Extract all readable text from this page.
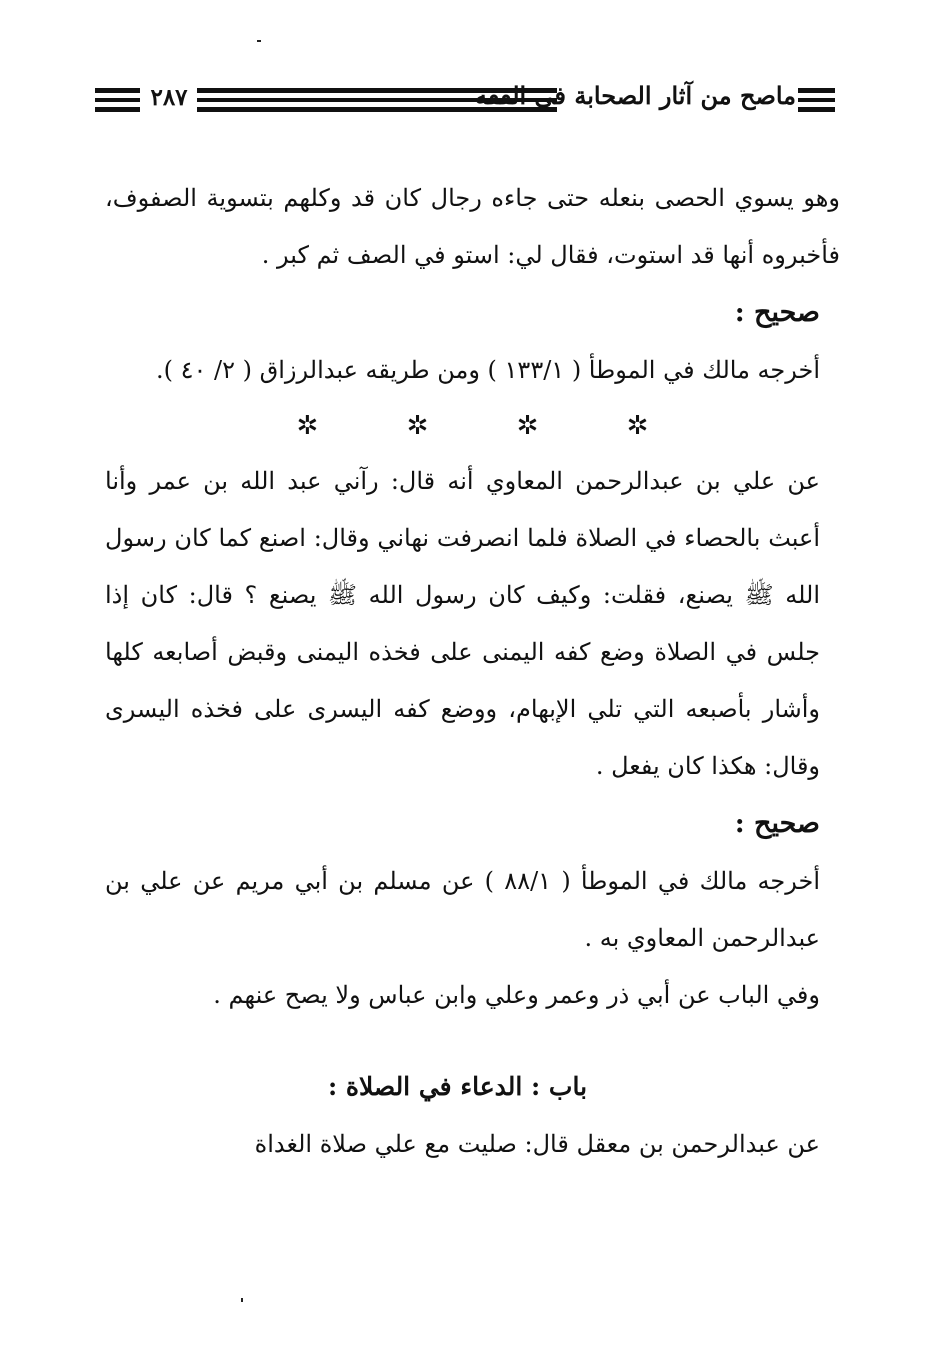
٢٨٧	ماصح من آثار الصحابة في الفقه

وهو يسوي الحصى بنعله حتى جاءه رجال كان قد وكلهم بتسوية الصفوف، فأخبروه أنها قد استوت، فقال لي: استو في الصف ثم كبر .

صحيح :

أخرجه مالك في الموطأ ( ١٣٣/١ ) ومن طريقه عبدالرزاق ( ٢/ ٤٠ ).

✲ ✲ ✲ ✲

عن علي بن عبدالرحمن المعاوي أنه قال: رآني عبد الله بن عمر وأنا أعبث بالحصاء في الصلاة فلما انصرفت نهاني وقال: اصنع كما كان رسول الله ﷺ يصنع، فقلت: وكيف كان رسول الله ﷺ يصنع ؟ قال: كان إذا جلس في الصلاة وضع كفه اليمنى على فخذه اليمنى وقبض أصابعه كلها وأشار بأصبعه التي تلي الإبهام، ووضع كفه اليسرى على فخذه اليسرى وقال: هكذا كان يفعل .

صحيح :

أخرجه مالك في الموطأ ( ٨٨/١ ) عن مسلم بن أبي مريم عن علي بن عبدالرحمن المعاوي به .

وفي الباب عن أبي ذر وعمر وعلي وابن عباس ولا يصح عنهم .

باب : الدعاء في الصلاة :

عن عبدالرحمن بن معقل قال: صليت مع علي صلاة الغداة
